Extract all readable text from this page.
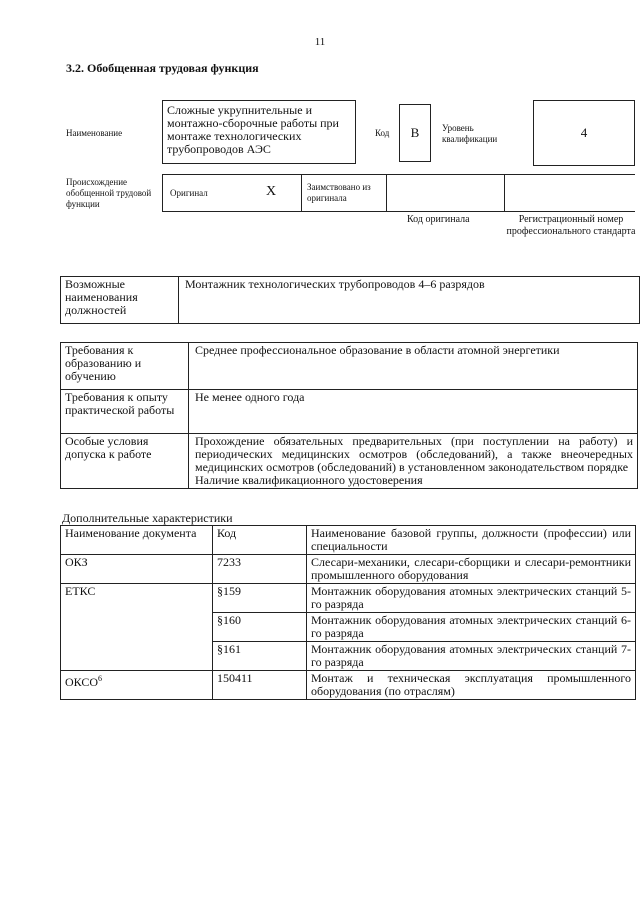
11
3.2. Обобщенная трудовая функция
Наименование
Сложные укрупнительные и монтажно-сборочные работы при монтаже технологических трубопроводов АЭС
Код	B	Уровень квалификации	4
Происхождение обобщенной трудовой функции
Оригинал	X	Заимствовано из оригинала
Код оригинала	Регистрационный номер профессионального стандарта
Возможные наименования должностей	Монтажник технологических трубопроводов 4–6 разрядов
Требования к образованию и обучению	Среднее профессиональное образование в области атомной энергетики
Требования к опыту практической работы	Не менее одного года
Особые условия допуска к работе	Прохождение обязательных предварительных (при поступлении на работу) и периодических медицинских осмотров (обследований), а также внеочередных медицинских осмотров (обследований) в установленном законодательством порядке
Наличие квалификационного удостоверения
Дополнительные характеристики
Наименование документа	Код	Наименование базовой группы, должности (профессии) или специальности
ОКЗ	7233	Слесари-механики, слесари-сборщики и слесари-ремонтники промышленного оборудования
ЕТКС	§159	Монтажник оборудования атомных электрических станций 5-го разряда
	§160	Монтажник оборудования атомных электрических станций 6-го разряда
	§161	Монтажник оборудования атомных электрических станций 7-го разряда
ОКСО$^6$	150411	Монтаж и техническая эксплуатация промышленного оборудования (по отраслям)
